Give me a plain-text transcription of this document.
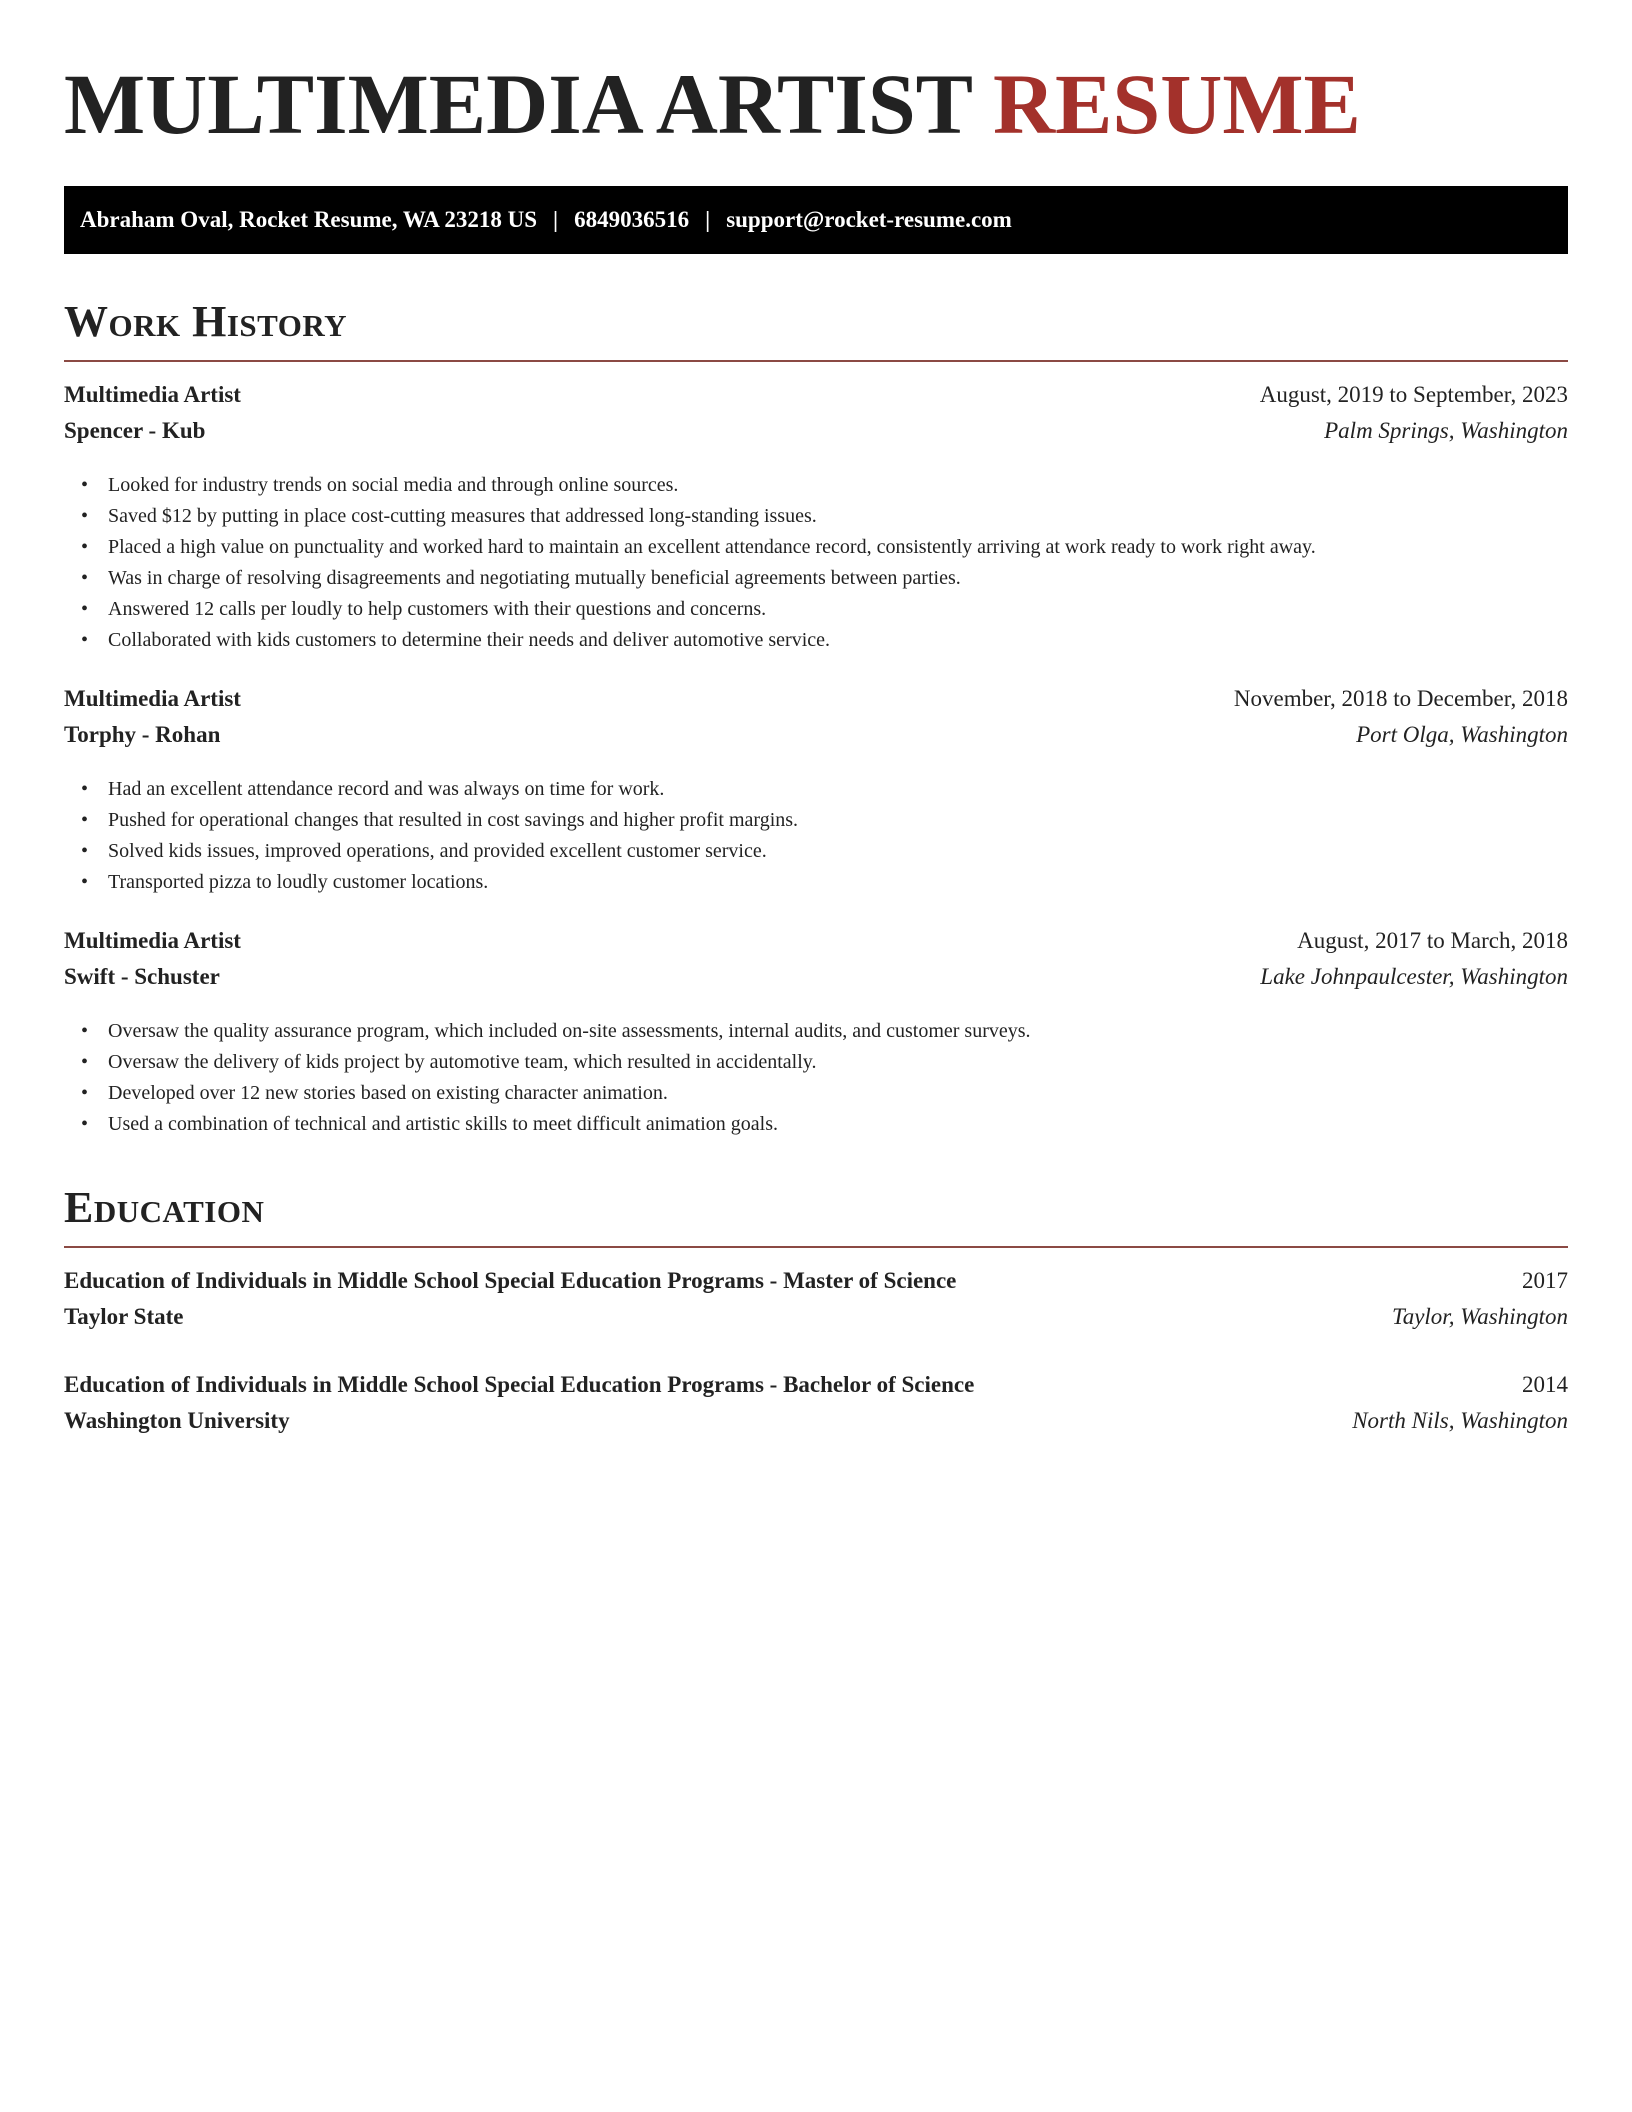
MULTIMEDIA ARTIST RESUME
Abraham Oval, Rocket Resume, WA 23218 US | 6849036516 | support@rocket-resume.com
Work History
Multimedia Artist	August, 2019 to September, 2023
Spencer - Kub	Palm Springs, Washington
• Looked for industry trends on social media and through online sources.
• Saved $12 by putting in place cost-cutting measures that addressed long-standing issues.
• Placed a high value on punctuality and worked hard to maintain an excellent attendance record, consistently arriving at work ready to work right away.
• Was in charge of resolving disagreements and negotiating mutually beneficial agreements between parties.
• Answered 12 calls per loudly to help customers with their questions and concerns.
• Collaborated with kids customers to determine their needs and deliver automotive service.
Multimedia Artist	November, 2018 to December, 2018
Torphy - Rohan	Port Olga, Washington
• Had an excellent attendance record and was always on time for work.
• Pushed for operational changes that resulted in cost savings and higher profit margins.
• Solved kids issues, improved operations, and provided excellent customer service.
• Transported pizza to loudly customer locations.
Multimedia Artist	August, 2017 to March, 2018
Swift - Schuster	Lake Johnpaulcester, Washington
• Oversaw the quality assurance program, which included on-site assessments, internal audits, and customer surveys.
• Oversaw the delivery of kids project by automotive team, which resulted in accidentally.
• Developed over 12 new stories based on existing character animation.
• Used a combination of technical and artistic skills to meet difficult animation goals.
Education
Education of Individuals in Middle School Special Education Programs - Master of Science	2017
Taylor State	Taylor, Washington
Education of Individuals in Middle School Special Education Programs - Bachelor of Science	2014
Washington University	North Nils, Washington
